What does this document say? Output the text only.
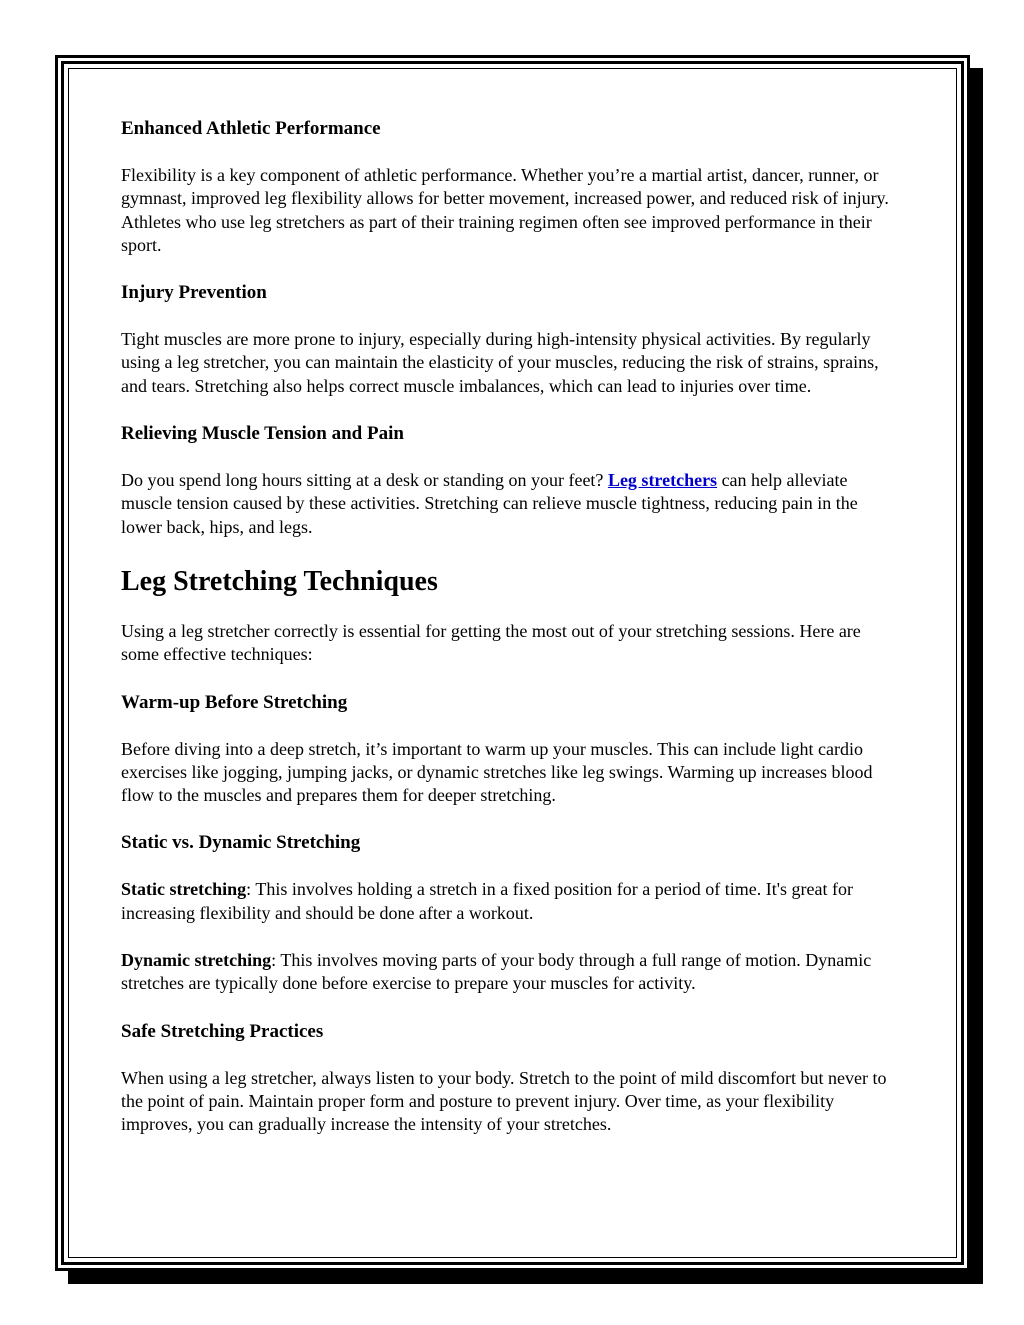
Enhanced Athletic Performance

Flexibility is a key component of athletic performance. Whether you’re a martial artist, dancer, runner, or gymnast, improved leg flexibility allows for better movement, increased power, and reduced risk of injury. Athletes who use leg stretchers as part of their training regimen often see improved performance in their sport.

Injury Prevention

Tight muscles are more prone to injury, especially during high-intensity physical activities. By regularly using a leg stretcher, you can maintain the elasticity of your muscles, reducing the risk of strains, sprains, and tears. Stretching also helps correct muscle imbalances, which can lead to injuries over time.

Relieving Muscle Tension and Pain

Do you spend long hours sitting at a desk or standing on your feet? Leg stretchers can help alleviate muscle tension caused by these activities. Stretching can relieve muscle tightness, reducing pain in the lower back, hips, and legs.

Leg Stretching Techniques

Using a leg stretcher correctly is essential for getting the most out of your stretching sessions. Here are some effective techniques:

Warm-up Before Stretching

Before diving into a deep stretch, it’s important to warm up your muscles. This can include light cardio exercises like jogging, jumping jacks, or dynamic stretches like leg swings. Warming up increases blood flow to the muscles and prepares them for deeper stretching.

Static vs. Dynamic Stretching

Static stretching: This involves holding a stretch in a fixed position for a period of time. It's great for increasing flexibility and should be done after a workout.

Dynamic stretching: This involves moving parts of your body through a full range of motion. Dynamic stretches are typically done before exercise to prepare your muscles for activity.

Safe Stretching Practices

When using a leg stretcher, always listen to your body. Stretch to the point of mild discomfort but never to the point of pain. Maintain proper form and posture to prevent injury. Over time, as your flexibility improves, you can gradually increase the intensity of your stretches.
